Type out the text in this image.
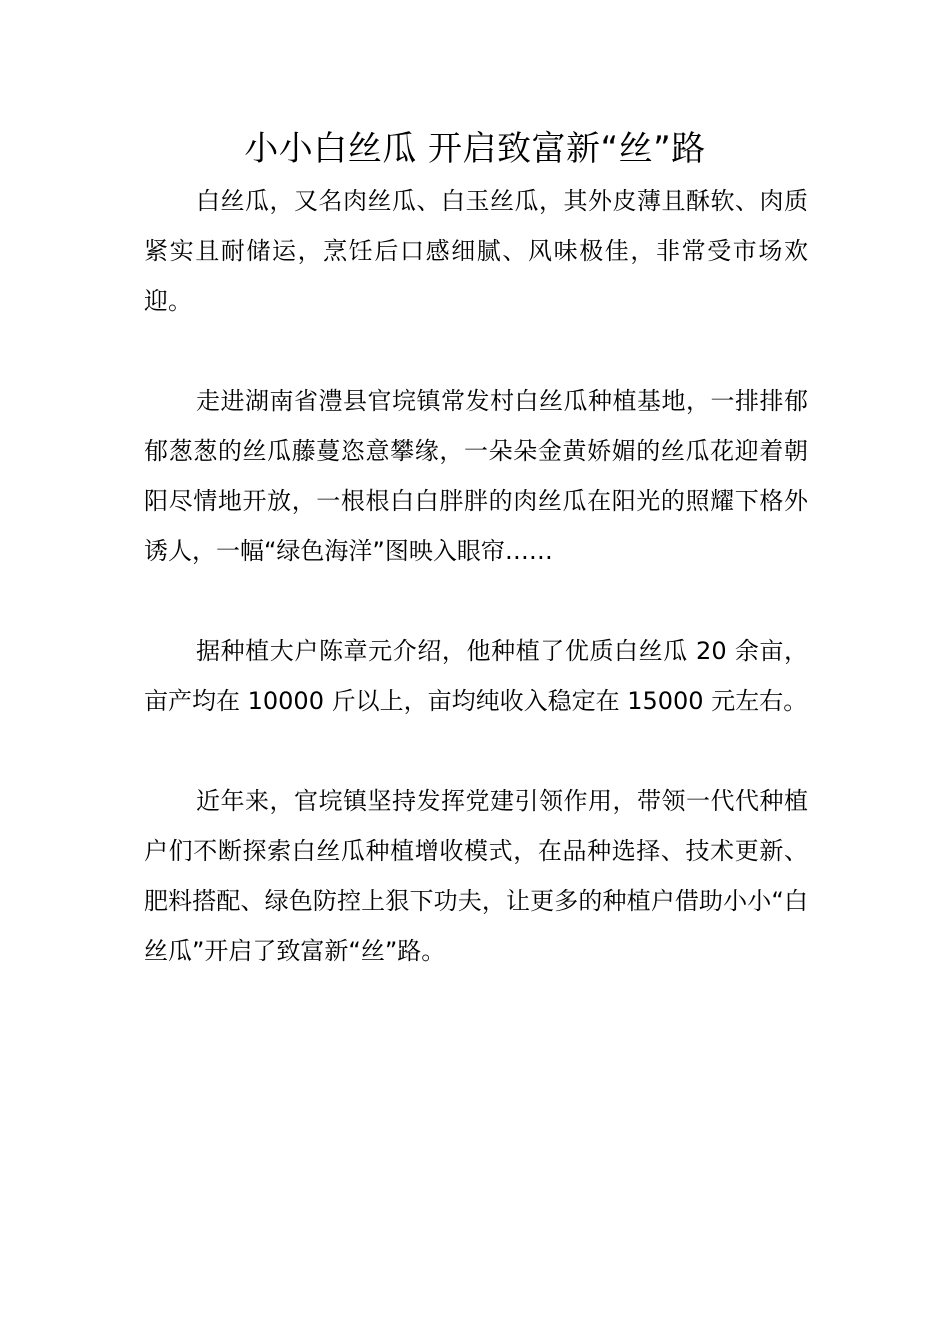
小小白丝瓜 开启致富新“丝”路

白丝瓜，又名肉丝瓜、白玉丝瓜，其外皮薄且酥软、肉质紧实且耐储运，烹饪后口感细腻、风味极佳，非常受市场欢迎。

走进湖南省澧县官垸镇常发村白丝瓜种植基地，一排排郁郁葱葱的丝瓜藤蔓恣意攀缘，一朵朵金黄娇媚的丝瓜花迎着朝阳尽情地开放，一根根白白胖胖的肉丝瓜在阳光的照耀下格外诱人，一幅“绿色海洋”图映入眼帘……

据种植大户陈章元介绍，他种植了优质白丝瓜 20 余亩，亩产均在 10000 斤以上，亩均纯收入稳定在 15000 元左右。

近年来，官垸镇坚持发挥党建引领作用，带领一代代种植户们不断探索白丝瓜种植增收模式，在品种选择、技术更新、肥料搭配、绿色防控上狠下功夫，让更多的种植户借助小小“白丝瓜”开启了致富新“丝”路。
